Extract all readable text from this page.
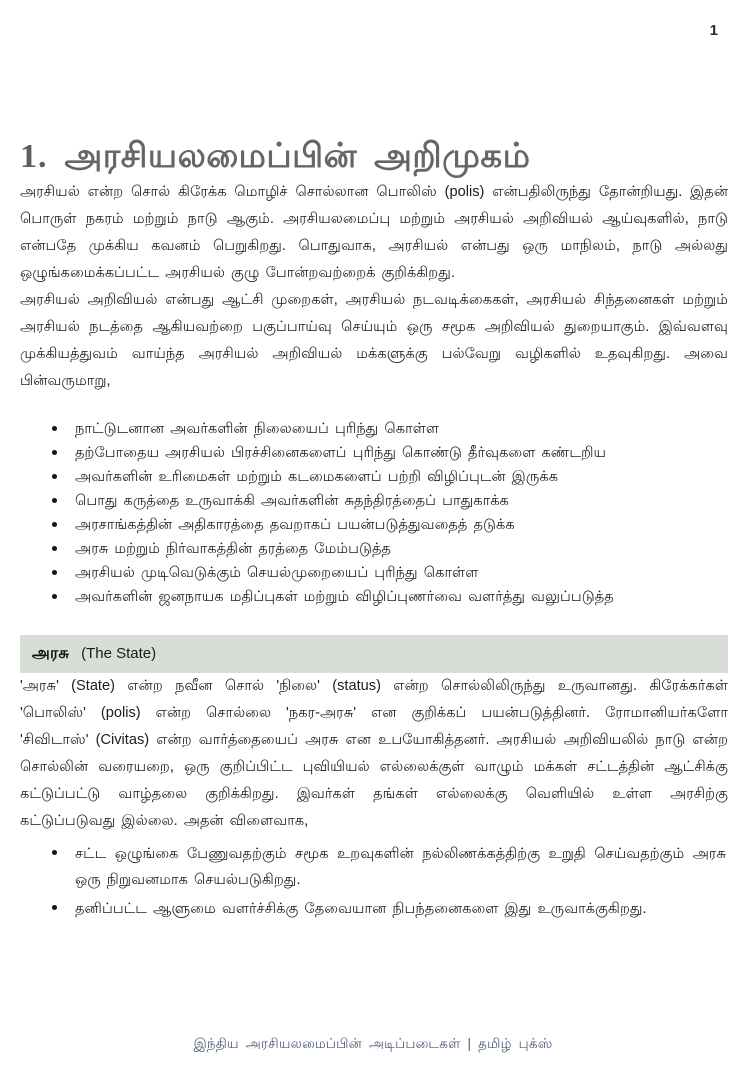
1
1. அரசியலமைப்பின் அறிமுகம்

அரசியல் என்ற சொல் கிரேக்க மொழிச் சொல்லான பொலிஸ் (polis) என்பதிலிருந்து தோன்றியது. இதன் பொருள் நகரம் மற்றும் நாடு ஆகும். அரசியலமைப்பு மற்றும் அரசியல் அறிவியல் ஆய்வுகளில், நாடு என்பதே முக்கிய கவனம் பெறுகிறது. பொதுவாக, அரசியல் என்பது ஒரு மாநிலம், நாடு அல்லது ஒழுங்கமைக்கப்பட்ட அரசியல் குழு போன்றவற்றைக் குறிக்கிறது.

அரசியல் அறிவியல் என்பது ஆட்சி முறைகள், அரசியல் நடவடிக்கைகள், அரசியல் சிந்தனைகள் மற்றும் அரசியல் நடத்தை ஆகியவற்றை பகுப்பாய்வு செய்யும் ஒரு சமூக அறிவியல் துறையாகும். இவ்வளவு முக்கியத்துவம் வாய்ந்த அரசியல் அறிவியல் மக்களுக்கு பல்வேறு வழிகளில் உதவுகிறது. அவை பின்வருமாறு,

நாட்டுடனான அவர்களின் நிலையைப் புரிந்து கொள்ள
தற்போதைய அரசியல் பிரச்சினைகளைப் புரிந்து கொண்டு தீர்வுகளை கண்டறிய
அவர்களின் உரிமைகள் மற்றும் கடமைகளைப் பற்றி விழிப்புடன் இருக்க
பொது கருத்தை உருவாக்கி அவர்களின் சுதந்திரத்தைப் பாதுகாக்க
அரசாங்கத்தின் அதிகாரத்தை தவறாகப் பயன்படுத்துவதைத் தடுக்க
அரசு மற்றும் நிர்வாகத்தின் தரத்தை மேம்படுத்த
அரசியல் முடிவெடுக்கும் செயல்முறையைப் புரிந்து கொள்ள
அவர்களின் ஜனநாயக மதிப்புகள் மற்றும் விழிப்புணர்வை வளர்த்து வலுப்படுத்த
அரசு (The State)

'அரசு' (State) என்ற நவீன சொல் 'நிலை' (status) என்ற சொல்லிலிருந்து உருவானது. கிரேக்கர்கள் 'பொலிஸ்' (polis) என்ற சொல்லை 'நகர-அரசு' என குறிக்கப் பயன்படுத்தினர். ரோமானியர்களோ 'சிவிடாஸ்' (Civitas) என்ற வார்த்தையைப் அரசு என உபயோகித்தனர். அரசியல் அறிவியலில் நாடு என்ற சொல்லின் வரையறை, ஒரு குறிப்பிட்ட புவியியல் எல்லைக்குள் வாழும் மக்கள் சட்டத்தின் ஆட்சிக்கு கட்டுப்பட்டு வாழ்தலை குறிக்கிறது. இவர்கள் தங்கள் எல்லைக்கு வெளியில் உள்ள அரசிற்கு கட்டுப்படுவது இல்லை. அதன் விளைவாக,

சட்ட ஒழுங்கை பேணுவதற்கும் சமூக உறவுகளின் நல்லிணக்கத்திற்கு உறுதி செய்வதற்கும் அரசு ஒரு நிறுவனமாக செயல்படுகிறது.
தனிப்பட்ட ஆளுமை வளர்ச்சிக்கு தேவையான நிபந்தனைகளை இது உருவாக்குகிறது.
இந்திய அரசியலமைப்பின் அடிப்படைகள் | தமிழ் புக்ஸ்
